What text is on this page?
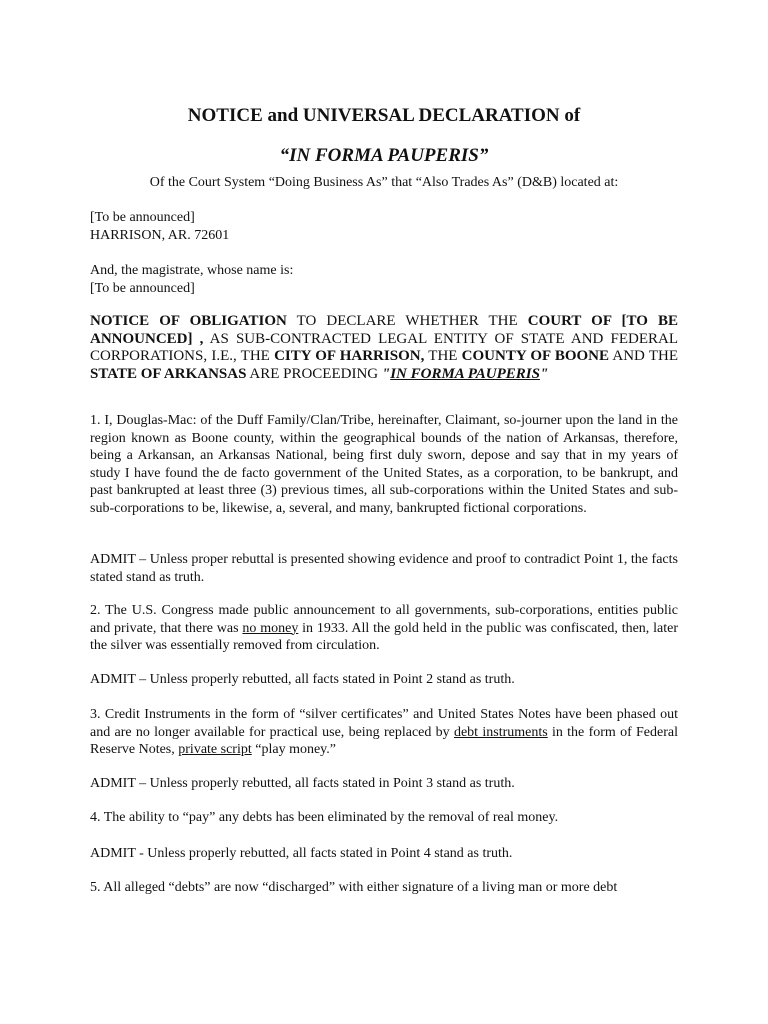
NOTICE and UNIVERSAL DECLARATION of
“IN FORMA PAUPERIS”
Of the Court System “Doing Business As” that “Also Trades As” (D&B) located at:
[To be announced]
HARRISON, AR. 72601
And, the magistrate, whose name is:
[To be announced]
NOTICE OF OBLIGATION TO DECLARE WHETHER THE COURT OF [TO BE ANNOUNCED] , AS SUB-CONTRACTED LEGAL ENTITY OF STATE AND FEDERAL CORPORATIONS, I.E., THE CITY OF HARRISON, THE COUNTY OF BOONE AND THE STATE OF ARKANSAS ARE PROCEEDING "IN FORMA PAUPERIS"
1. I, Douglas-Mac: of the Duff Family/Clan/Tribe, hereinafter, Claimant, so-journer upon the land in the region known as Boone county, within the geographical bounds of the nation of Arkansas, therefore, being a Arkansan, an Arkansas National, being first duly sworn, depose and say that in my years of study I have found the de facto government of the United States, as a corporation, to be bankrupt, and past bankrupted at least three (3) previous times, all sub-corporations within the United States and sub-sub-corporations to be, likewise, a, several, and many, bankrupted fictional corporations.
ADMIT – Unless proper rebuttal is presented showing evidence and proof to contradict Point 1, the facts stated stand as truth.
2. The U.S. Congress made public announcement to all governments, sub-corporations, entities public and private, that there was no money in 1933. All the gold held in the public was confiscated, then, later the silver was essentially removed from circulation.
ADMIT – Unless properly rebutted, all facts stated in Point 2 stand as truth.
3. Credit Instruments in the form of “silver certificates” and United States Notes have been phased out and are no longer available for practical use, being replaced by debt instruments in the form of Federal Reserve Notes, private script “play money.”
ADMIT – Unless properly rebutted, all facts stated in Point 3 stand as truth.
4. The ability to “pay” any debts has been eliminated by the removal of real money.
ADMIT - Unless properly rebutted, all facts stated in Point 4 stand as truth.
5. All alleged “debts” are now “discharged” with either signature of a living man or more debt
